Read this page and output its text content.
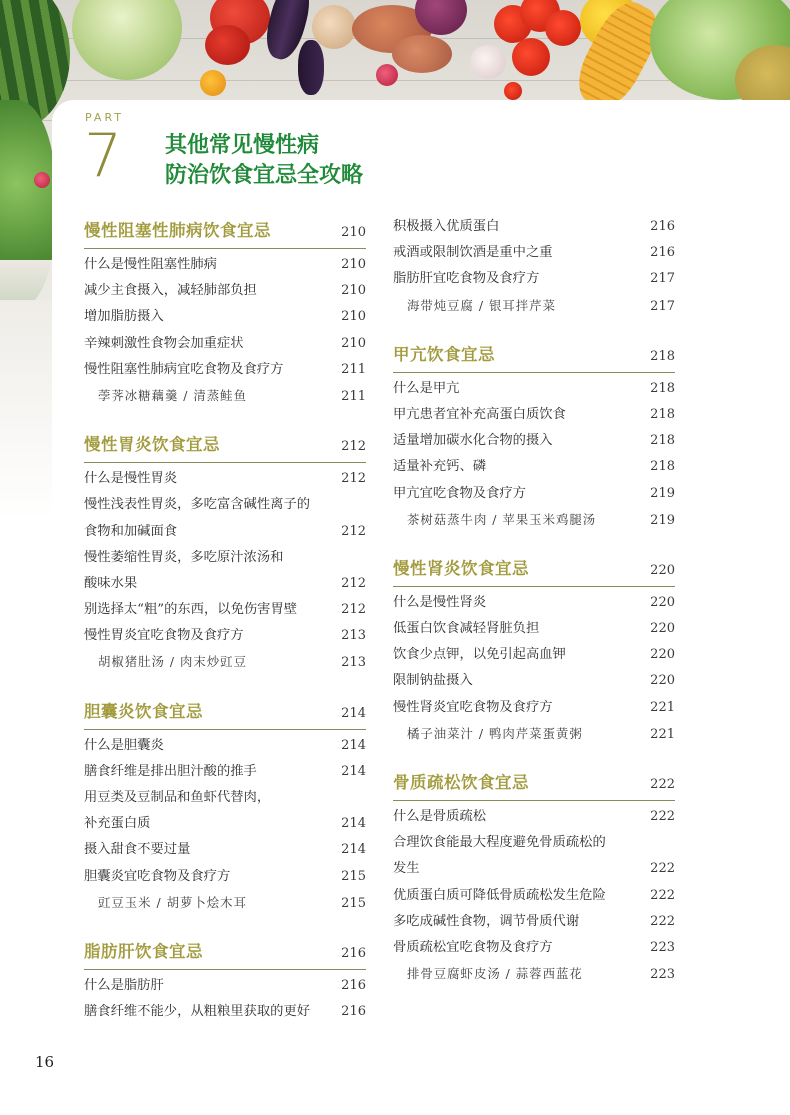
PART
7 其他常见慢性病
防治饮食宜忌全攻略
慢性阻塞性肺病饮食宜忌	210
什么是慢性阻塞性肺病	210
减少主食摄入，减轻肺部负担	210
增加脂肪摄入	210
辛辣刺激性食物会加重症状	210
慢性阻塞性肺病宜吃食物及食疗方	211
荸荠冰糖藕羹 / 清蒸鲑鱼	211
慢性胃炎饮食宜忌	212
什么是慢性胃炎	212
慢性浅表性胃炎，多吃富含碱性离子的
食物和加碱面食	212
慢性萎缩性胃炎，多吃原汁浓汤和
酸味水果	212
别选择太“粗”的东西，以免伤害胃壁	212
慢性胃炎宜吃食物及食疗方	213
胡椒猪肚汤 / 肉末炒豇豆	213
胆囊炎饮食宜忌	214
什么是胆囊炎	214
膳食纤维是排出胆汁酸的推手	214
用豆类及豆制品和鱼虾代替肉，
补充蛋白质	214
摄入甜食不要过量	214
胆囊炎宜吃食物及食疗方	215
豇豆玉米 / 胡萝卜烩木耳	215
脂肪肝饮食宜忌	216
什么是脂肪肝	216
膳食纤维不能少，从粗粮里获取的更好 216
积极摄入优质蛋白	216
戒酒或限制饮酒是重中之重	216
脂肪肝宜吃食物及食疗方	217
海带炖豆腐 / 银耳拌芹菜	217
甲亢饮食宜忌	218
什么是甲亢	218
甲亢患者宜补充高蛋白质饮食	218
适量增加碳水化合物的摄入	218
适量补充钙、磷	218
甲亢宜吃食物及食疗方	219
茶树菇蒸牛肉 / 苹果玉米鸡腿汤	219
慢性肾炎饮食宜忌	220
什么是慢性肾炎	220
低蛋白饮食减轻肾脏负担	220
饮食少点钾，以免引起高血钾	220
限制钠盐摄入	220
慢性肾炎宜吃食物及食疗方	221
橘子油菜汁 / 鸭肉芹菜蛋黄粥	221
骨质疏松饮食宜忌	222
什么是骨质疏松	222
合理饮食能最大程度避免骨质疏松的
发生	222
优质蛋白质可降低骨质疏松发生危险	222
多吃成碱性食物，调节骨质代谢	222
骨质疏松宜吃食物及食疗方	223
排骨豆腐虾皮汤 / 蒜蓉西蓝花	223
16
